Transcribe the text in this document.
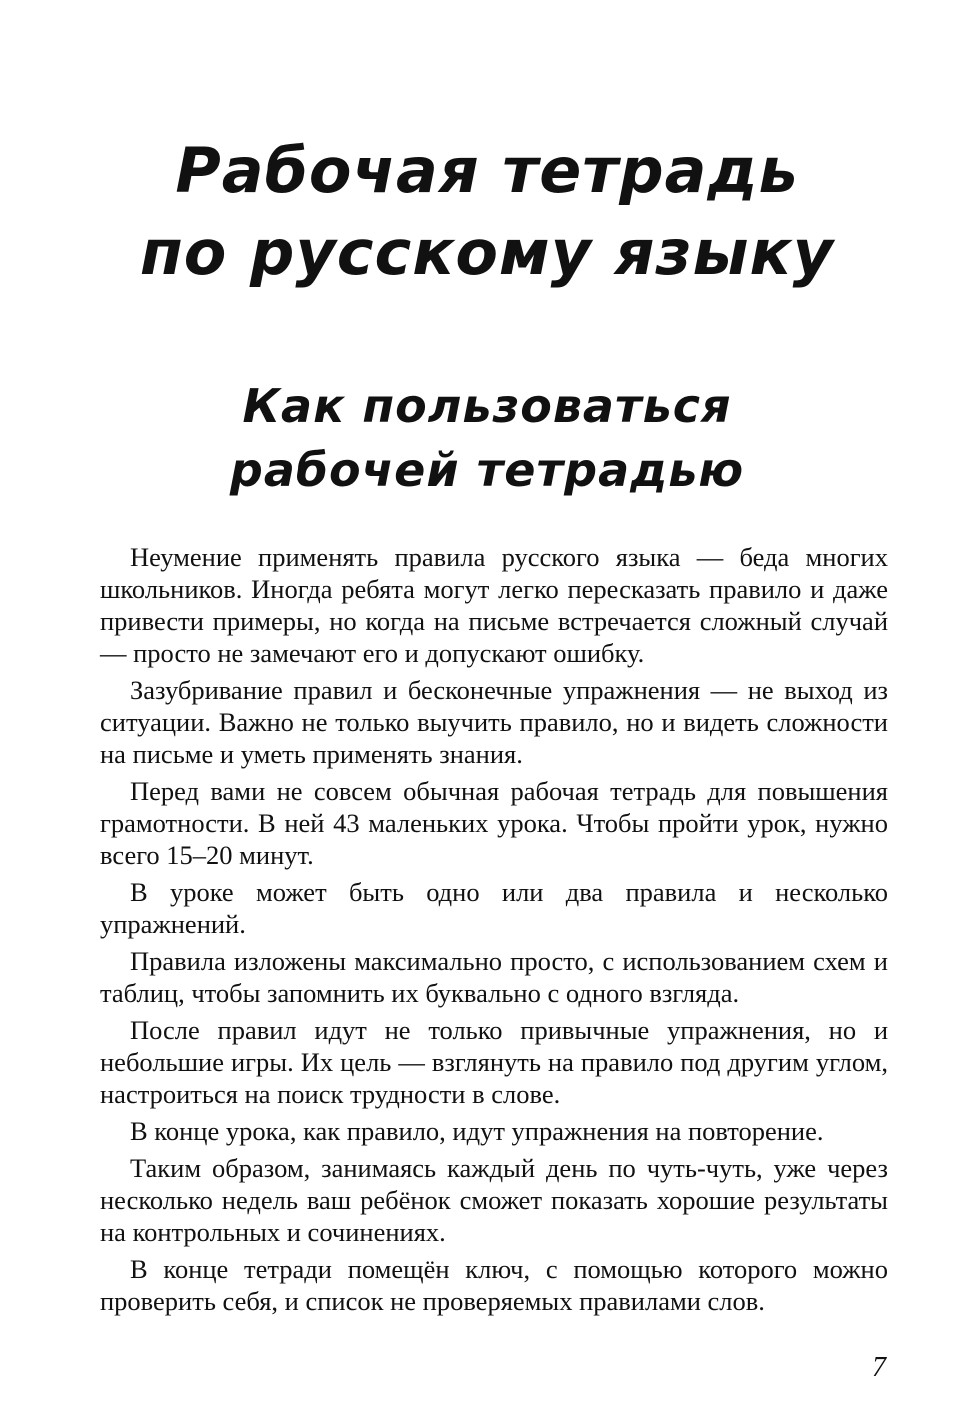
Рабочая тетрадь
по русскому языку
Как пользоваться
рабочей тетрадью

Неумение применять правила русского языка — беда многих школьников. Иногда ребята могут легко пересказать правило и даже привести примеры, но когда на письме встречается сложный случай — просто не замечают его и допускают ошибку.

Зазубривание правил и бесконечные упражнения — не выход из ситуации. Важно не только выучить правило, но и видеть сложности на письме и уметь применять знания.

Перед вами не совсем обычная рабочая тетрадь для повышения грамотности. В ней 43 маленьких урока. Чтобы пройти урок, нужно всего 15–20 минут.

В уроке может быть одно или два правила и несколько упражнений.

Правила изложены максимально просто, с использованием схем и таблиц, чтобы запомнить их буквально с одного взгляда.

После правил идут не только привычные упражнения, но и небольшие игры. Их цель — взглянуть на правило под другим углом, настроиться на поиск трудности в слове.

В конце урока, как правило, идут упражнения на повторение.

Таким образом, занимаясь каждый день по чуть-чуть, уже через несколько недель ваш ребёнок сможет показать хорошие результаты на контрольных и сочинениях.

В конце тетради помещён ключ, с помощью которого можно проверить себя, и список не проверяемых правилами слов.

7
